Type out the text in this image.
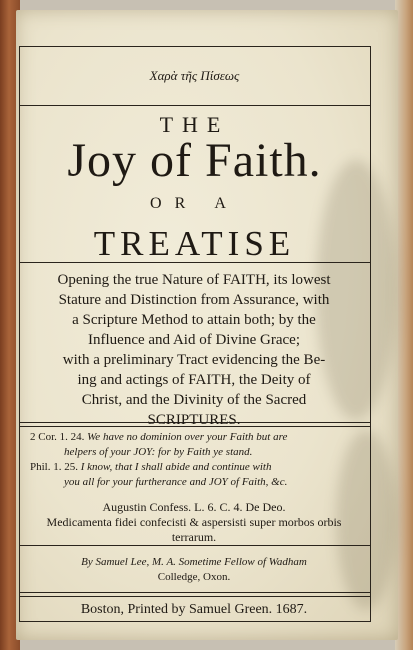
Χαρὰ τῆς Πίσεως
THE
Joy of Faith.
OR A
TREATISE
Opening the true Nature of FAITH, its lowest
Stature and Distinction from Assurance, with
a Scripture Method to attain both; by the
Influence and Aid of Divine Grace;
with a preliminary Tract evidencing the Be-
ing and actings of FAITH, the Deity of
Christ, and the Divinity of the Sacred
SCRIPTURES.
2 Cor. 1. 24. We have no dominion over your Faith but are
helpers of your JOY: for by Faith ye stand.
Phil. 1. 25. I know, that I shall abide and continue with
you all for your furtherance and JOY of Faith, &c.
Augustin Confess. L. 6. C. 4. De Deo.
Medicamenta fidei confecisti & aspersisti super morbos orbis
terrarum.
By Samuel Lee, M. A. Sometime Fellow of Wadham
Colledge, Oxon.
Boston, Printed by Samuel Green. 1687.
